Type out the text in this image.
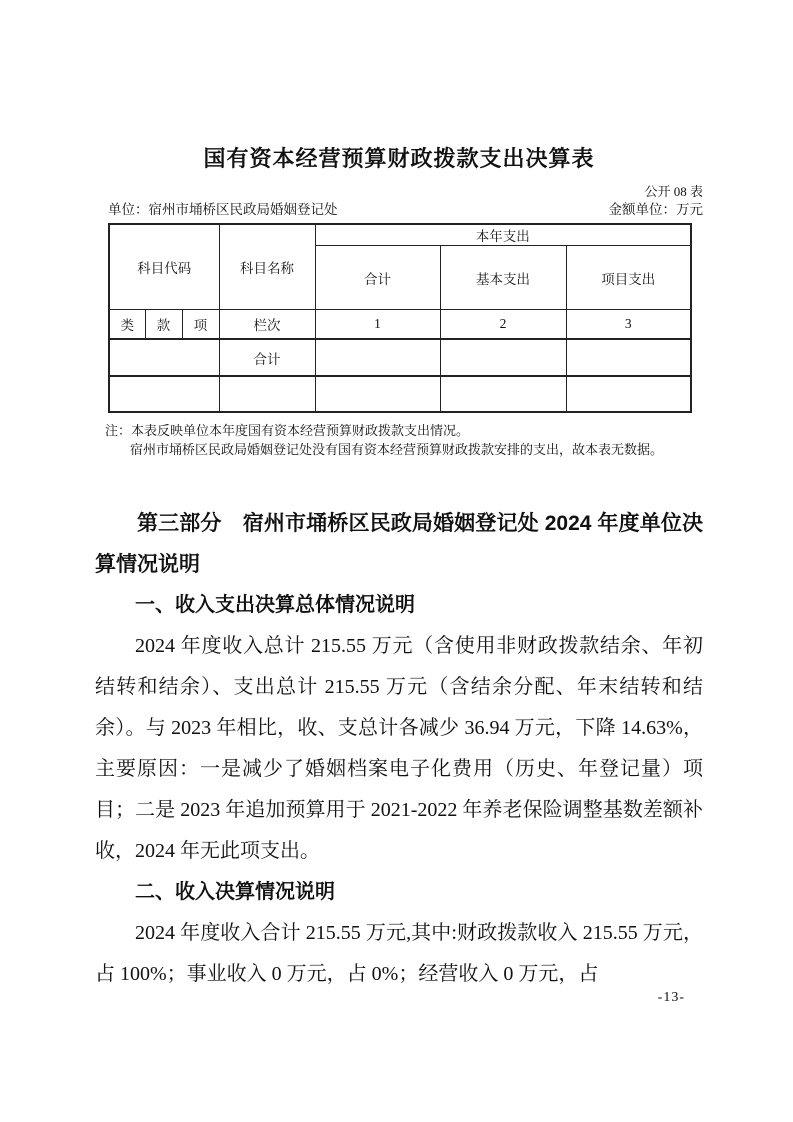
国有资本经营预算财政拨款支出决算表
公开 08 表
单位：宿州市埇桥区民政局婚姻登记处	金额单位：万元
科目代码			科目名称	本年支出		
				合计	基本支出	项目支出
类	款	项	栏次	1	2	3
			合计			

注：本表反映单位本年度国有资本经营预算财政拨款支出情况。
宿州市埇桥区民政局婚姻登记处没有国有资本经营预算财政拨款安排的支出，故本表无数据。
第三部分　宿州市埇桥区民政局婚姻登记处 2024 年度单位决算情况说明
一、收入支出决算总体情况说明

2024 年度收入总计 215.55 万元（含使用非财政拨款结余、年初结转和结余）、支出总计 215.55 万元（含结余分配、年末结转和结余）。与 2023 年相比，收、支总计各减少 36.94 万元，下降 14.63%，主要原因：一是减少了婚姻档案电子化费用（历史、年登记量）项目；二是 2023 年追加预算用于 2021-2022 年养老保险调整基数差额补收，2024 年无此项支出。

二、收入决算情况说明

2024 年度收入合计 215.55 万元,其中:财政拨款收入 215.55 万元，占 100%；事业收入 0 万元，占 0%；经营收入 0 万元，占

-13-
